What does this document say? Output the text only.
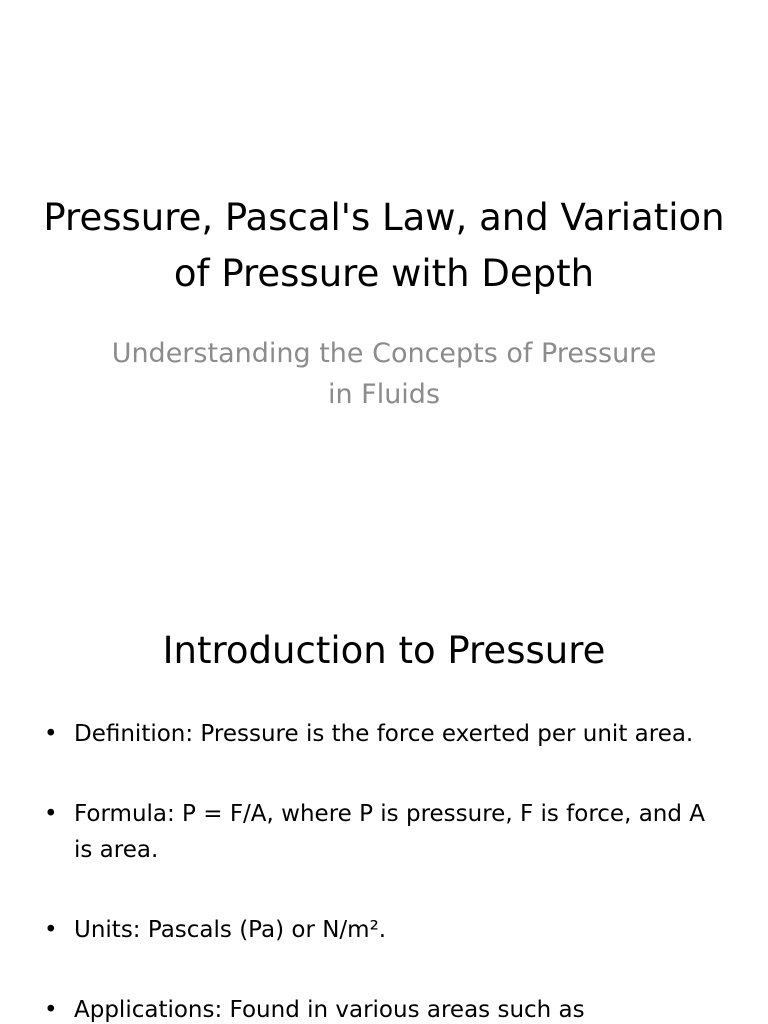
Pressure, Pascal's Law, and Variation of Pressure with Depth

Understanding the Concepts of Pressure in Fluids

Introduction to Pressure
• Definition: Pressure is the force exerted per unit area.
• Formula: P = F/A, where P is pressure, F is force, and A is area.
• Units: Pascals (Pa) or N/m².
• Applications: Found in various areas such as
